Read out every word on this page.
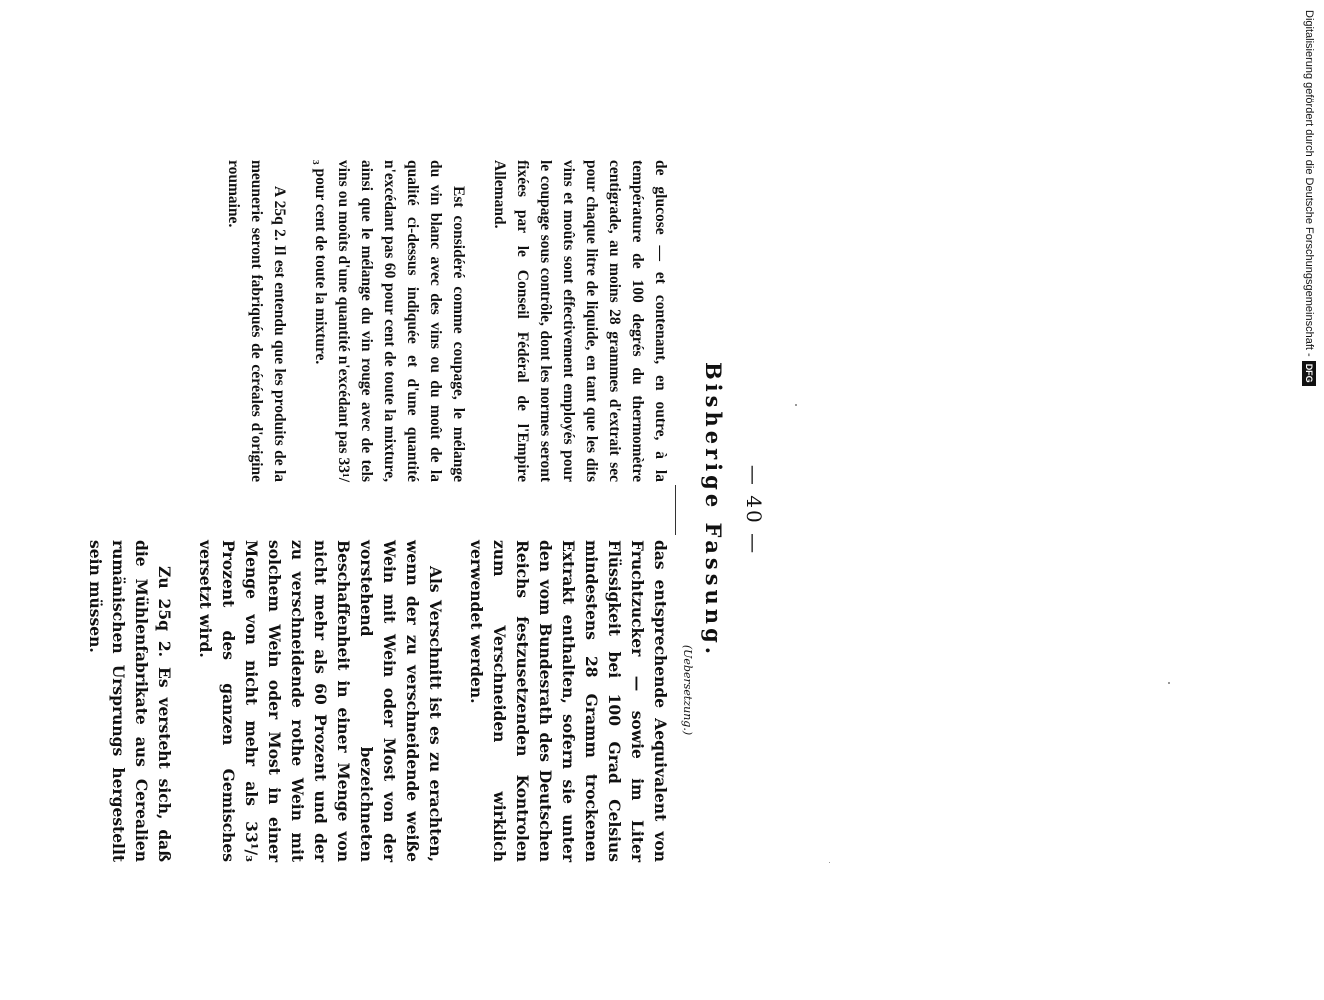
— 40 —
Bisherige Fassung.
(Uebersetzung.)

de glucose — et contenant, en outre, à la température de 100 degrés du thermomètre centigrade, au moins 28 grammes d'extrait sec pour chaque litre de liquide, en tant que les dits vins et moûts sont effectivement employés pour le coupage sous contrôle, dont les normes seront fixées par le Conseil Fédéral de l'Empire Allemand.

Est considéré comme coupage, le mélange du vin blanc avec des vins ou du moût de la qualité ci-dessus indiquée et d'une quantité n'excédant pas 60 pour cent de toute la mixture, ainsi que le mélange du vin rouge avec de tels vins ou moûts d'une quantité n'excédant pas 33¹/₃ pour cent de toute la mixture.

A 25q 2. Il est entendu que les produits de la meunerie seront fabriqués de céréales d'origine roumaine.

das entsprechende Aequivalent von Fruchtzucker — sowie im Liter Flüssigkeit bei 100 Grad Celsius mindestens 28 Gramm trockenen Extrakt enthalten, sofern sie unter den vom Bundesrath des Deutschen Reichs festzusetzenden Kontrolen zum Verschneiden wirklich verwendet werden.

Als Verschnitt ist es zu erachten, wenn der zu verschneidende weiße Wein mit Wein oder Most von der vorstehend bezeichneten Beschaffenheit in einer Menge von nicht mehr als 60 Prozent und der zu verschneidende rothe Wein mit solchem Wein oder Most in einer Menge von nicht mehr als 33¹/₃ Prozent des ganzen Gemisches versetzt wird.

Zu 25q 2. Es versteht sich, daß die Mühlenfabrikate aus Cerealien rumänischen Ursprungs hergestellt sein müssen.

Digitalisierung gefördert durch die Deutsche Forschungsgemeinschaft -DFG
